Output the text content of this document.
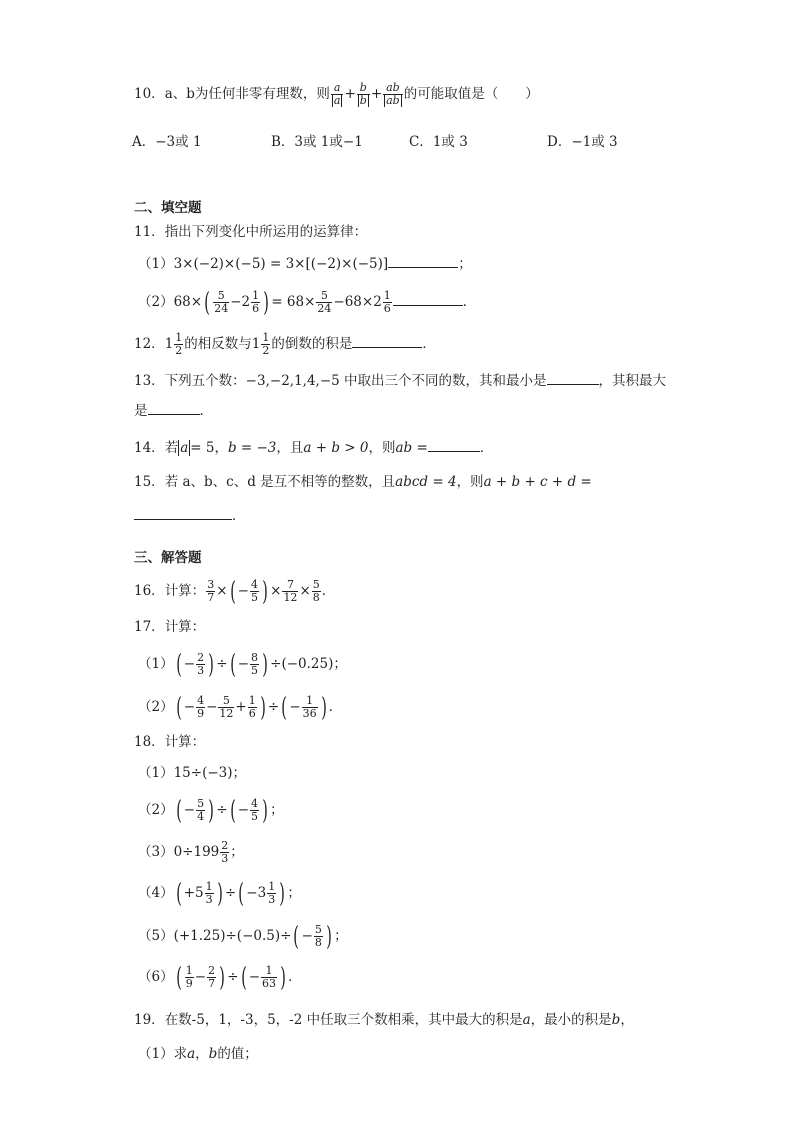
10．a、b为任何非零有理数，则 $\frac{a}{a} + \frac{b}{b} + \frac{ab}{ab}$ 的可能取值是（　　）
A．−3或 1	B．3或 1或−1	C．1或 3	D．−1或 3
二、填空题
11．指出下列变化中所运用的运算律：
（1）3×(−2)×(−5) = 3×[(−2)×(−5)]	；
$(2)68\times( \frac{5}{24} -2 \frac{1}{6}$ ) = $68\times \frac{5}{24} -68\times 2 \frac{1}{6}$	．
12．$1 \frac{1}{2}$ 的相反数与$1 \frac{1}{2}$ 的倒数的积是	．
13．下列五个数：−3,−2,1,4,−5 中取出三个不同的数，其和最小是	，其积最大
是	．
14．若 a = 5，b = −3，且a + b > 0，则ab =	．
15．若 a、b、c、d 是互不相等的整数，且abcd = 4，则a + b + c + d =
．
三、解答题
16．计算： $\frac{3}{7}$ ×( − $\frac{4}{5}$ ) × $\frac{7}{12} \times \frac{5}{8}$ ．
17．计算：
$(1)( - \frac{2}{3}$ ) ÷( − $\frac{8}{5}$ ) ÷(−0.25)；
$(2)( - \frac{4}{9} - \frac{5}{12} + \frac{1}{6}$ ) ÷( − $\frac{1}{36}$ ) ．
18．计算：
（1）15÷(−3)；
$(2)( - \frac{5}{4}$ ) ÷( − $\frac{4}{5}$ ) ；
$(3)0\div 199 \frac{2}{3}$ ；
$(4)( +5 \frac{1}{3}$ ) ÷( $-3 \frac{1}{3}$ ) ；
$(5)(+1.25)\div(-0.5)\div( - \frac{5}{8}$ ) ；
$(6)( \frac{1}{9} - \frac{2}{7}$ ) ÷( − $\frac{1}{63}$ ) ．
19．在数-5，1，-3，5，-2 中任取三个数相乘，其中最大的积是a，最小的积是b，
（1）求a，b的值；
